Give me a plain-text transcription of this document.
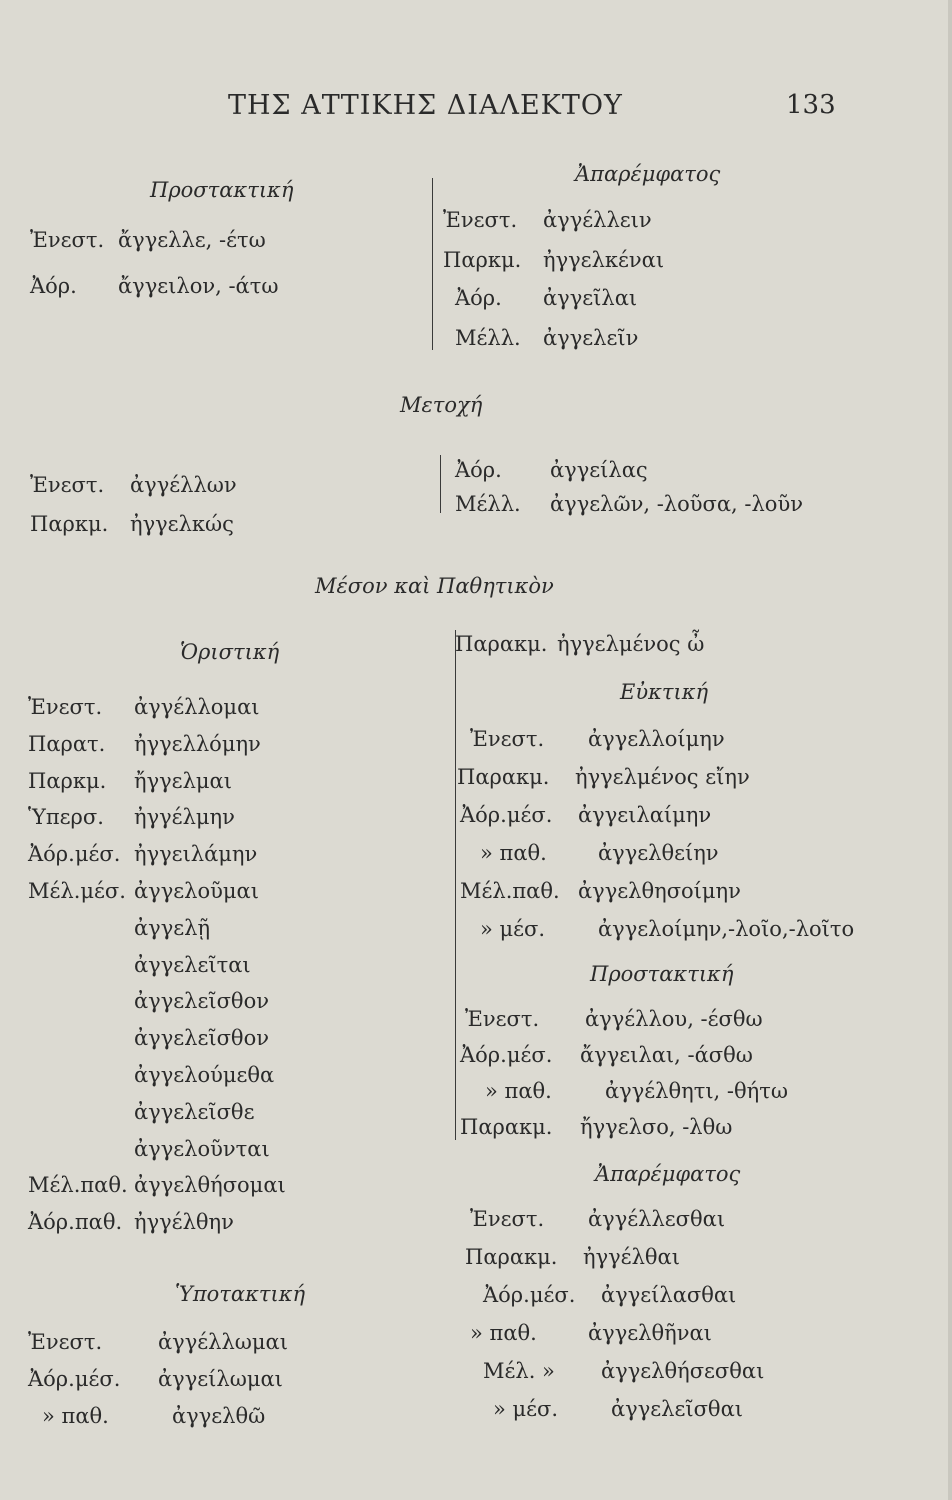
ΤΗΣ ΑΤΤΙΚΗΣ ΔΙΑΛΕΚΤΟΥ	133
Προστακτική
Ἐνεστ. ἄγγελλε, -έτω
Ἀόρ. ἄγγειλον, -άτω
Ἀπαρέμφατος
Ἐνεστ. ἀγγέλλειν
Παρκμ. ἠγγελκέναι
Ἀόρ. ἀγγεῖλαι
Μέλλ. ἀγγελεῖν
Μετοχή
Ἐνεστ. ἀγγέλλων
Παρκμ. ἠγγελκώς
Ἀόρ. ἀγγείλας
Μέλλ. ἀγγελῶν, -λοῦσα, -λοῦν
Μέσον καὶ Παθητικὸν
Ὁριστική
Ἐνεστ. ἀγγέλλομαι
Παρατ. ἠγγελλόμην
Παρκμ. ἤγγελμαι
Ὑπερσ. ἠγγέλμην
Ἀόρ.μέσ. ἠγγειλάμην
Μέλ.μέσ. ἀγγελοῦμαι
ἀγγελῇ
ἀγγελεῖται
ἀγγελεῖσθον
ἀγγελεῖσθον
ἀγγελούμεθα
ἀγγελεῖσθε
ἀγγελοῦνται
Μέλ.παθ. ἀγγελθήσομαι
Ἀόρ.παθ. ἠγγέλθην
Ὑποτακτική
Ἐνεστ.	ἀγγέλλωμαι
Ἀόρ.μέσ. ἀγγείλωμαι
» παθ.	ἀγγελθῶ
Παρακμ. ἠγγελμένος ὦ
Εὐκτική
Ἐνεστ. ἀγγελλοίμην
Παρακμ. ἠγγελμένος εἴην
Ἀόρ.μέσ. ἀγγειλαίμην
» παθ. ἀγγελθείην
Μέλ.παθ. ἀγγελθησοίμην
» μέσ.	ἀγγελοίμην,-λοῖο,-λοῖτο
Προστακτική
Ἐνεστ. ἀγγέλλου, -έσθω
Ἀόρ.μέσ. ἄγγειλαι, -άσθω
» παθ.	ἀγγέλθητι, -θήτω
Παρακμ. ἤγγελσο, -λθω
Ἀπαρέμφατος
Ἐνεστ. ἀγγέλλεσθαι
Παρακμ. ἠγγέλθαι
Ἀόρ.μέσ. ἀγγείλασθαι
» παθ. ἀγγελθῆναι
Μέλ. » ἀγγελθήσεσθαι
» μέσ.	ἀγγελεῖσθαι
